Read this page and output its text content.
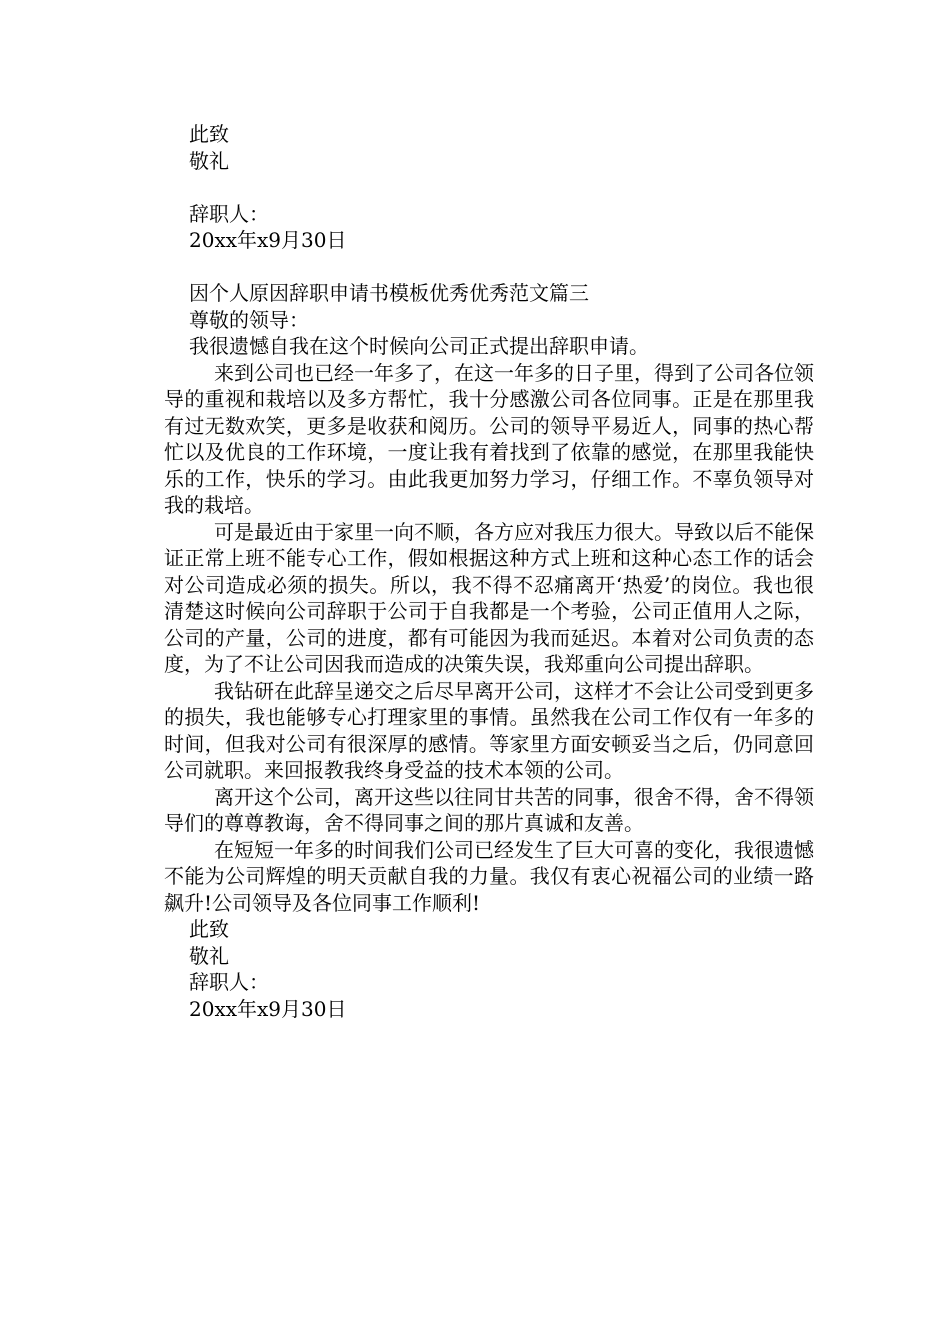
此致
敬礼
辞职人：
20xx年x9月30日
因个人原因辞职申请书模板优秀优秀范文篇三
尊敬的领导：
我很遗憾自我在这个时候向公司正式提出辞职申请。

来到公司也已经一年多了，在这一年多的日子里，得到了公司各位领导的重视和栽培以及多方帮忙，我十分感激公司各位同事。正是在那里我有过无数欢笑，更多是收获和阅历。公司的领导平易近人，同事的热心帮忙以及优良的工作环境，一度让我有着找到了依靠的感觉，在那里我能快乐的工作，快乐的学习。由此我更加努力学习，仔细工作。不辜负领导对我的栽培。

可是最近由于家里一向不顺，各方应对我压力很大。导致以后不能保证正常上班不能专心工作，假如根据这种方式上班和这种心态工作的话会对公司造成必须的损失。所以，我不得不忍痛离开‘热爱’的岗位。我也很清楚这时候向公司辞职于公司于自我都是一个考验，公司正值用人之际，公司的产量，公司的进度，都有可能因为我而延迟。本着对公司负责的态度，为了不让公司因我而造成的决策失误，我郑重向公司提出辞职。

我钻研在此辞呈递交之后尽早离开公司，这样才不会让公司受到更多的损失，我也能够专心打理家里的事情。虽然我在公司工作仅有一年多的时间，但我对公司有很深厚的感情。等家里方面安顿妥当之后，仍同意回公司就职。来回报教我终身受益的技术本领的公司。

离开这个公司，离开这些以往同甘共苦的同事，很舍不得，舍不得领导们的尊尊教诲，舍不得同事之间的那片真诚和友善。

在短短一年多的时间我们公司已经发生了巨大可喜的变化，我很遗憾不能为公司辉煌的明天贡献自我的力量。我仅有衷心祝福公司的业绩一路飙升!公司领导及各位同事工作顺利!

此致
敬礼
辞职人：
20xx年x9月30日
